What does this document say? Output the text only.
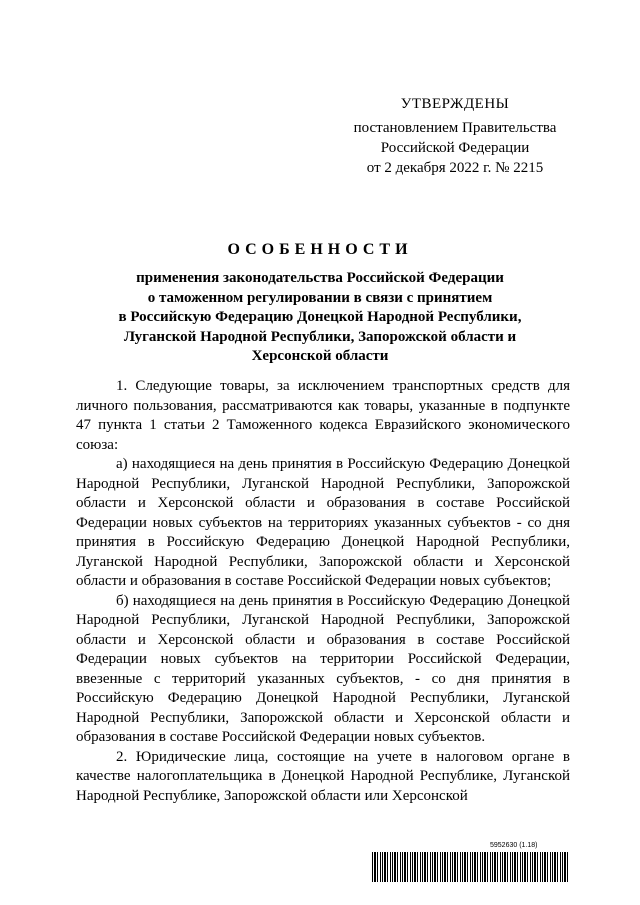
УТВЕРЖДЕНЫ
постановлением Правительства
Российской Федерации
от 2 декабря 2022 г. № 2215
ОСОБЕННОСТИ
применения законодательства Российской Федерации
о таможенном регулировании в связи с принятием
в Российскую Федерацию Донецкой Народной Республики,
Луганской Народной Республики, Запорожской области и
Херсонской области

1. Следующие товары, за исключением транспортных средств для личного пользования, рассматриваются как товары, указанные в подпункте 47 пункта 1 статьи 2 Таможенного кодекса Евразийского экономического союза:

а) находящиеся на день принятия в Российскую Федерацию Донецкой Народной Республики, Луганской Народной Республики, Запорожской области и Херсонской области и образования в составе Российской Федерации новых субъектов на территориях указанных субъектов - со дня принятия в Российскую Федерацию Донецкой Народной Республики, Луганской Народной Республики, Запорожской области и Херсонской области и образования в составе Российской Федерации новых субъектов;

б) находящиеся на день принятия в Российскую Федерацию Донецкой Народной Республики, Луганской Народной Республики, Запорожской области и Херсонской области и образования в составе Российской Федерации новых субъектов на территории Российской Федерации, ввезенные с территорий указанных субъектов, - со дня принятия в Российскую Федерацию Донецкой Народной Республики, Луганской Народной Республики, Запорожской области и Херсонской области и образования в составе Российской Федерации новых субъектов.

2. Юридические лица, состоящие на учете в налоговом органе в качестве налогоплательщика в Донецкой Народной Республике, Луганской Народной Республике, Запорожской области или Херсонской

5952630 (1.18)
